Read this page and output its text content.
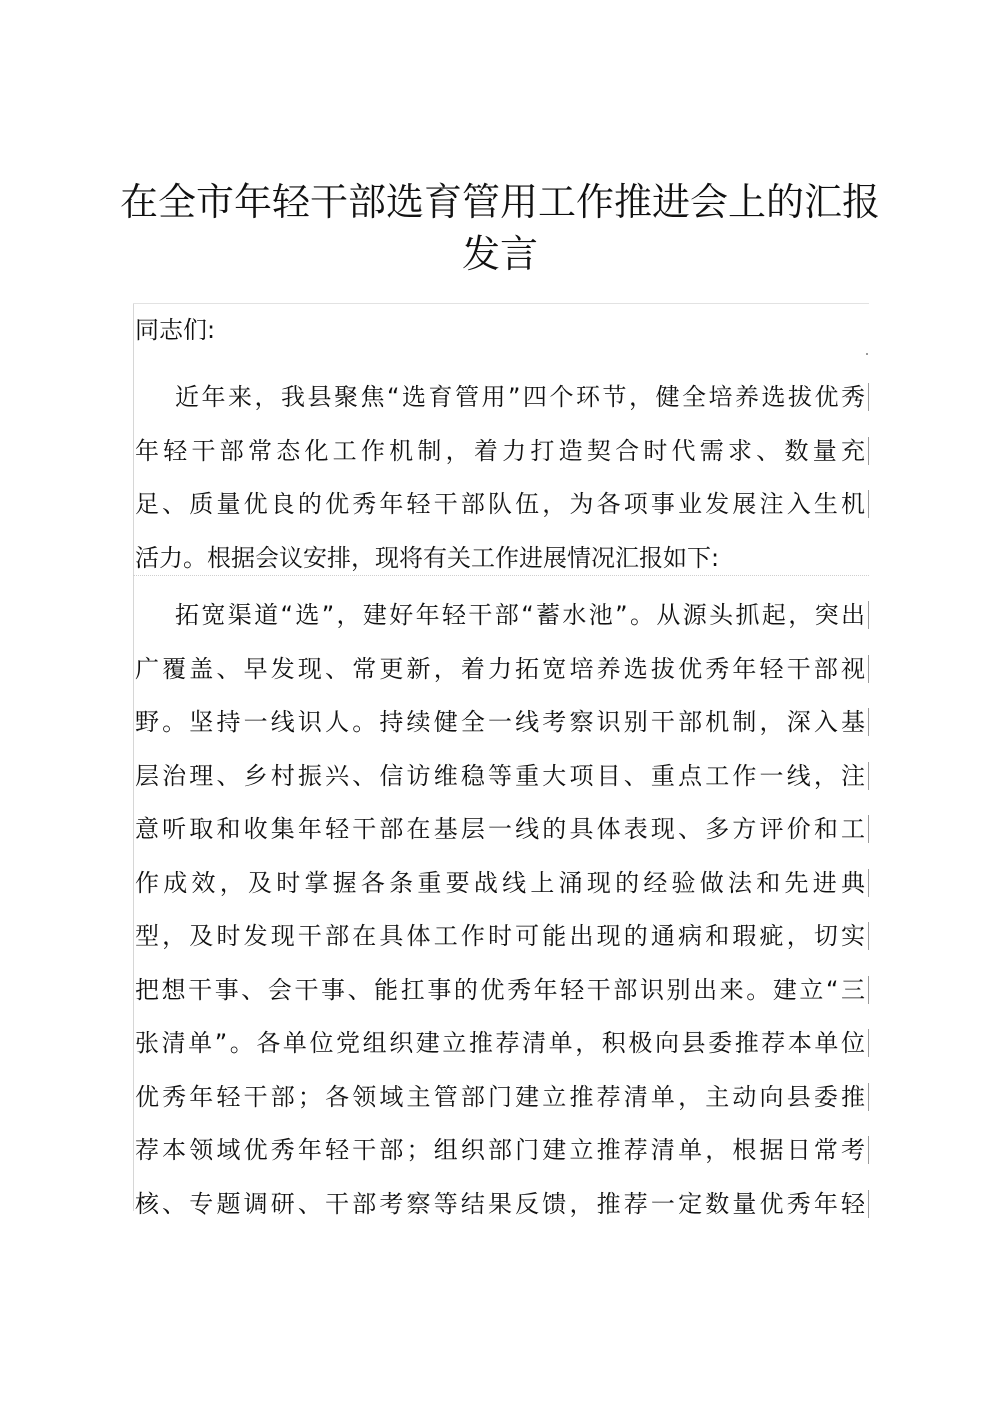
在全市年轻干部选育管用工作推进会上的汇报
发言
同志们:
近年来，我县聚焦“选育管用”四个环节，健全培养选拔优秀
年轻干部常态化工作机制，着力打造契合时代需求、数量充
足、质量优良的优秀年轻干部队伍，为各项事业发展注入生机
活力。根据会议安排，现将有关工作进展情况汇报如下:
拓宽渠道“选”，建好年轻干部“蓄水池”。从源头抓起，突出
广覆盖、早发现、常更新，着力拓宽培养选拔优秀年轻干部视
野。坚持一线识人。持续健全一线考察识别干部机制，深入基
层治理、乡村振兴、信访维稳等重大项目、重点工作一线，注
意听取和收集年轻干部在基层一线的具体表现、多方评价和工
作成效，及时掌握各条重要战线上涌现的经验做法和先进典
型，及时发现干部在具体工作时可能出现的通病和瑕疵，切实
把想干事、会干事、能扛事的优秀年轻干部识别出来。建立“三
张清单”。各单位党组织建立推荐清单，积极向县委推荐本单位
优秀年轻干部；各领域主管部门建立推荐清单，主动向县委推
荐本领域优秀年轻干部；组织部门建立推荐清单，根据日常考
核、专题调研、干部考察等结果反馈，推荐一定数量优秀年轻
